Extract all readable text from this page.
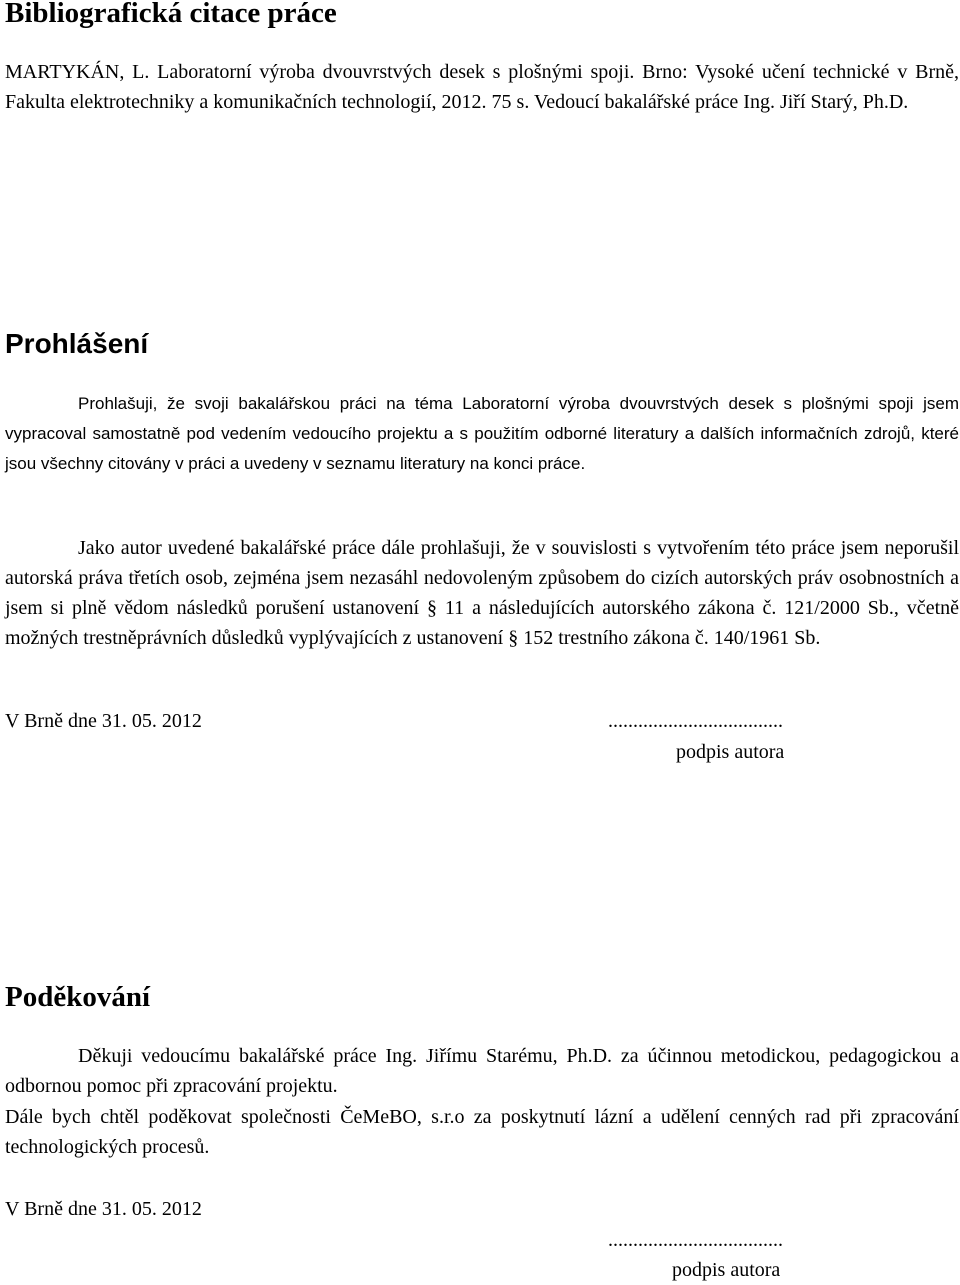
Bibliografická citace práce

MARTYKÁN, L. Laboratorní výroba dvouvrstvých desek s plošnými spoji. Brno: Vysoké učení technické v Brně, Fakulta elektrotechniky a komunikačních technologií, 2012. 75 s. Vedoucí bakalářské práce Ing. Jiří Starý, Ph.D.

Prohlášení

Prohlašuji, že svoji bakalářskou práci na téma Laboratorní výroba dvouvrstvých desek s plošnými spoji jsem vypracoval samostatně pod vedením vedoucího projektu a s použitím odborné literatury a dalších informačních zdrojů, které jsou všechny citovány v práci a uvedeny v seznamu literatury na konci práce.

Jako autor uvedené bakalářské práce dále prohlašuji, že v souvislosti s vytvořením této práce jsem neporušil autorská práva třetích osob, zejména jsem nezasáhl nedovoleným způsobem do cizích autorských práv osobnostních a jsem si plně vědom následků porušení ustanovení § 11 a následujících autorského zákona č. 121/2000 Sb., včetně možných trestněprávních důsledků vyplývajících z ustanovení § 152 trestního zákona č. 140/1961 Sb.

V Brně dne 31. 05. 2012	...................................

podpis autora

Poděkování

Děkuji vedoucímu bakalářské práce Ing. Jiřímu Starému, Ph.D. za účinnou metodickou, pedagogickou a odbornou pomoc při zpracování projektu.

Dále bych chtěl poděkovat společnosti ČeMeBO, s.r.o za poskytnutí lázní a udělení cenných rad při zpracování technologických procesů.

V Brně dne 31. 05. 2012

...................................

podpis autora
